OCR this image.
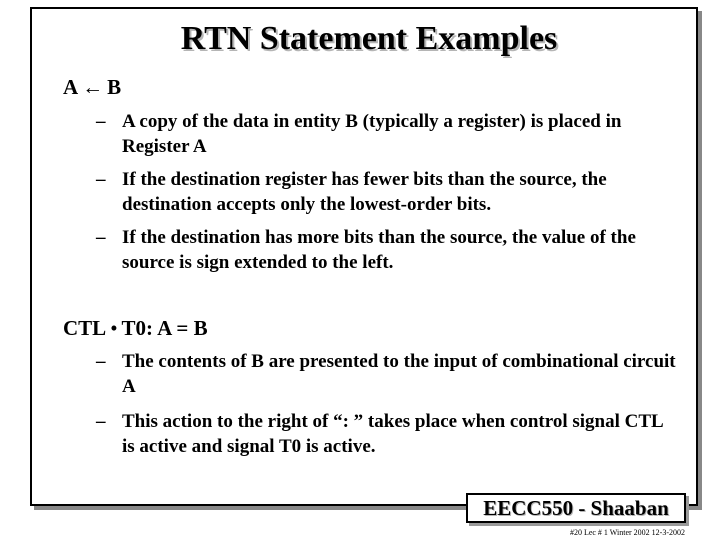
RTN Statement Examples
A ← B
– A copy of the data in entity B (typically a register) is placed in Register A
– If the destination register has fewer bits than the source, the destination accepts only the lowest-order bits.
– If the destination has more bits than the source, the value of the source is sign extended to the left.
CTL • T0: A = B
– The contents of B are presented to the input of combinational circuit A
– This action to the right of “: ” takes place when control signal CTL is active and signal T0 is active.
EECC550 - Shaaban
#20 Lec # 1 Winter 2002 12-3-2002
